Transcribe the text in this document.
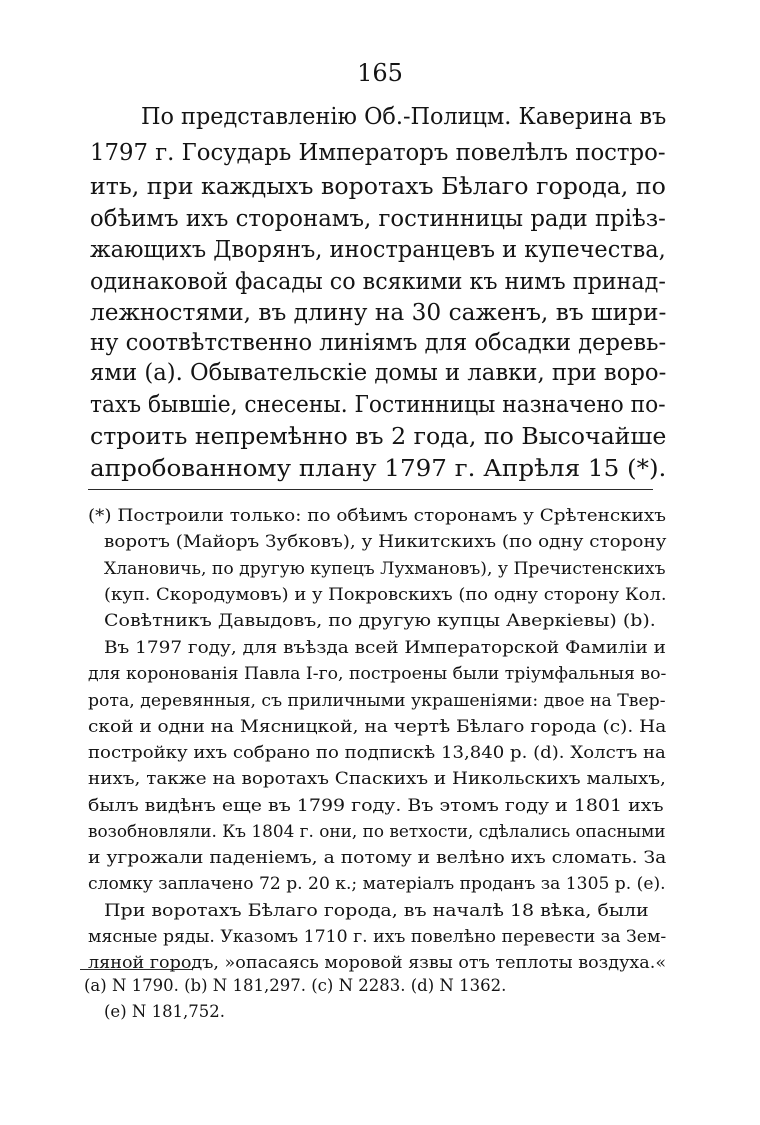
165
По представленію Об.-Полицм. Каверина въ
1797 г. Государь Императоръ повелѣлъ постро-
ить, при каждыхъ воротахъ Бѣлаго города, по
обѣимъ ихъ сторонамъ, гостинницы ради пріѣз-
жающихъ Дворянъ, иностранцевъ и купечества,
одинаковой фасады со всякими къ нимъ принад-
лежностями, въ длину на 30 саженъ, въ шири-
ну соотвѣтственно линіямъ для обсадки деревь-
ями (а). Обывательскіе домы и лавки, при воро-
тахъ бывшіе, снесены. Гостинницы назначено по-
строить непремѣнно въ 2 года, по Высочайше
апробованному плану 1797 г. Апрѣля 15 (*).
(*) Построили только: по обѣимъ сторонамъ у Срѣтенскихъ
воротъ (Майоръ Зубковъ), у Никитскихъ (по одну сторону
Хлановичь, по другую купецъ Лухмановъ), у Пречистенскихъ
(куп. Скородумовъ) и у Покровскихъ (по одну сторону Кол.
Совѣтникъ Давыдовъ, по другую купцы Аверкіевы) (b).
Въ 1797 году, для въѣзда всей Императорской Фамиліи и
для коронованія Павла I-го, построены были тріумфальныя во-
рота, деревянныя, съ приличными украшеніями: двое на Твер-
ской и одни на Мясницкой, на чертѣ Бѣлаго города (с). На
постройку ихъ собрано по подпискѣ 13,840 р. (d). Холстъ на
нихъ, также на воротахъ Спаскихъ и Никольскихъ малыхъ,
былъ видѣнъ еще въ 1799 году. Въ этомъ году и 1801 ихъ
возобновляли. Къ 1804 г. они, по ветхости, сдѣлались опасными
и угрожали паденіемъ, а потому и велѣно ихъ сломать. За
сломку заплачено 72 р. 20 к.; матеріалъ проданъ за 1305 р. (е).
При воротахъ Бѣлаго города, въ началѣ 18 вѣка, были
мясные ряды. Указомъ 1710 г. ихъ повелѣно перевести за Зем-
ляной городъ, »опасаясь моровой язвы отъ теплоты воздуха.«
(a) N 1790. (b) N 181,297. (c) N 2283. (d) N 1362.
(e) N 181,752.
